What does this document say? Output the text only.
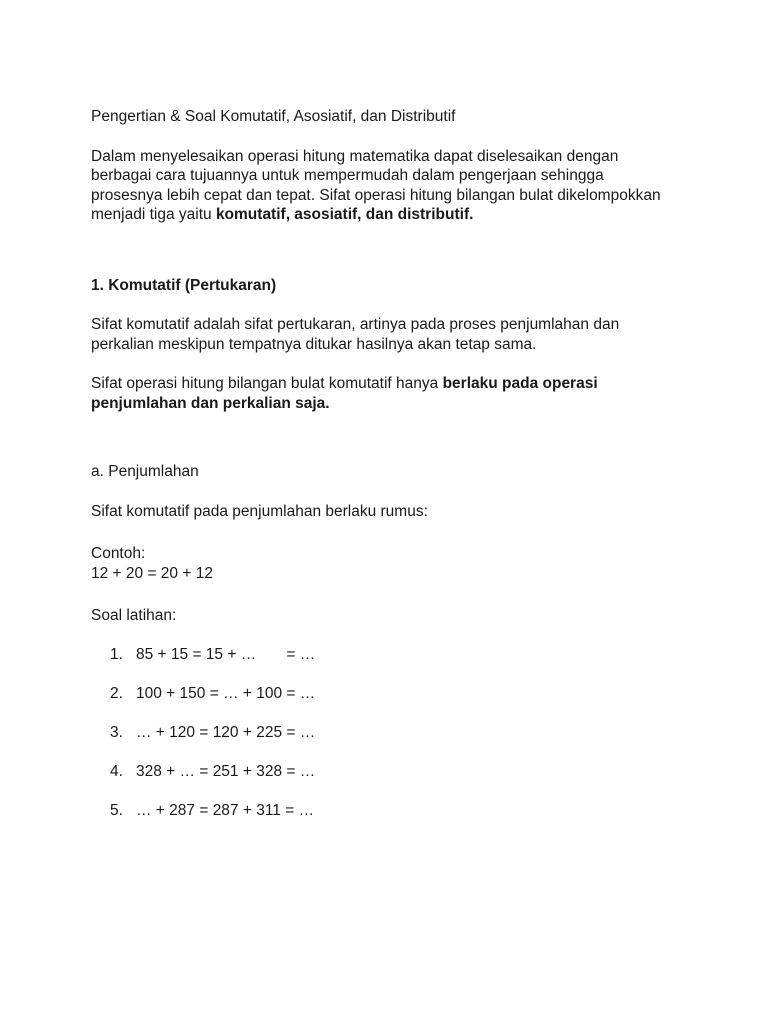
Pengertian & Soal Komutatif, Asosiatif, dan Distributif

Dalam menyelesaikan operasi hitung matematika dapat diselesaikan dengan berbagai cara tujuannya untuk mempermudah dalam pengerjaan sehingga prosesnya lebih cepat dan tepat. Sifat operasi hitung bilangan bulat dikelompokkan menjadi tiga yaitu komutatif, asosiatif, dan distributif.

1. Komutatif (Pertukaran)

Sifat komutatif adalah sifat pertukaran, artinya pada proses penjumlahan dan perkalian meskipun tempatnya ditukar hasilnya akan tetap sama.

Sifat operasi hitung bilangan bulat komutatif hanya berlaku pada operasi penjumlahan dan perkalian saja.

a. Penjumlahan

Sifat komutatif pada penjumlahan berlaku rumus:

Contoh:

12 + 20 = 20 + 12

Soal latihan:

1. 85 + 15 = 15 + …       = …
2. 100 + 150 = … + 100 = …
3. … + 120 = 120 + 225 = …
4. 328 + … = 251 + 328 = …
5. … + 287 = 287 + 311 = …
